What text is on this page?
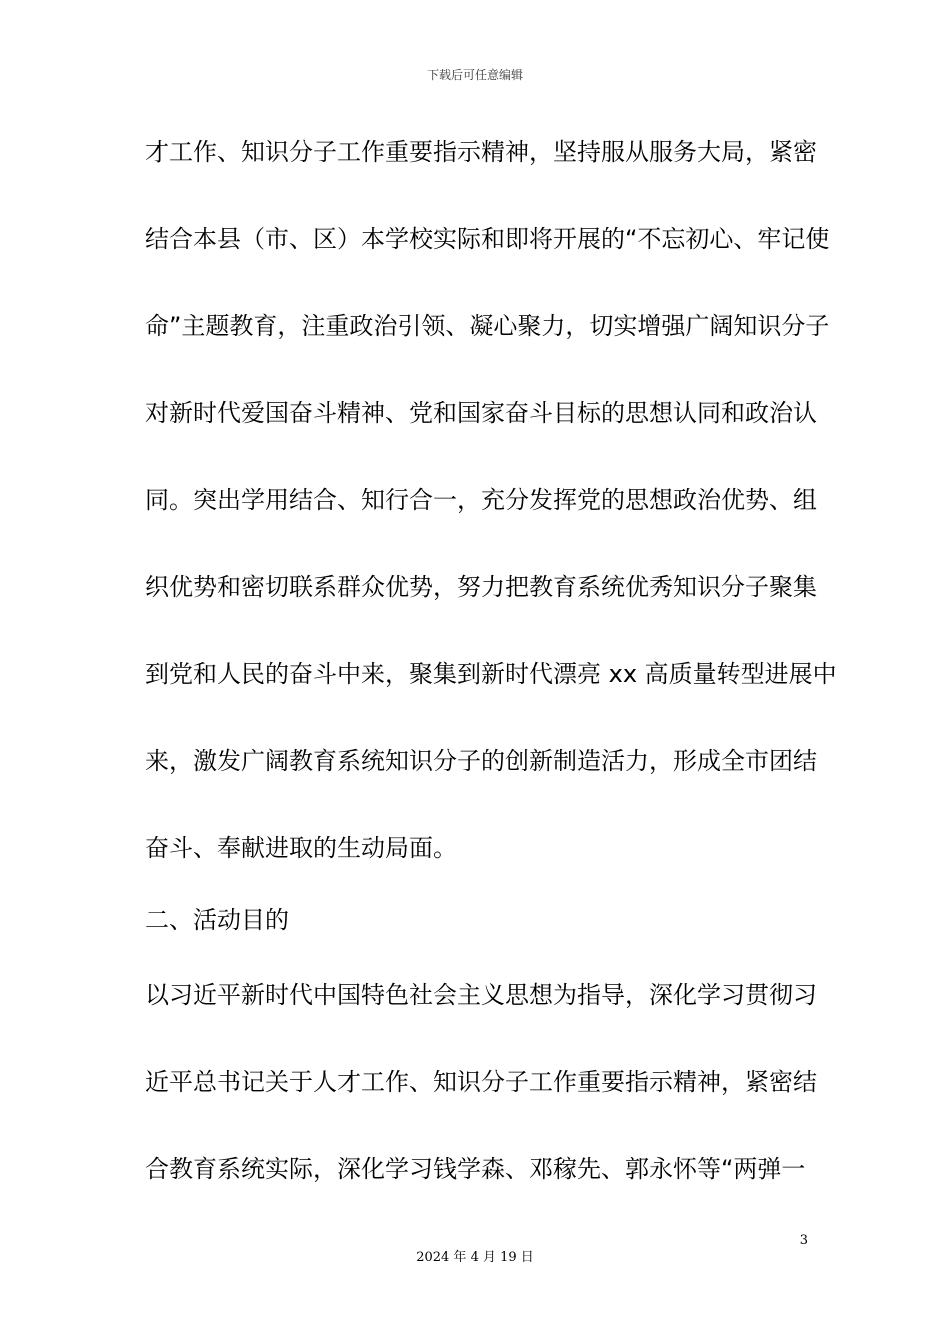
下载后可任意编辑
才工作、知识分子工作重要指示精神，坚持服从服务大局，紧密
结合本县（市、区）本学校实际和即将开展的“不忘初心、牢记使
命”主题教育，注重政治引领、凝心聚力，切实增强广阔知识分子
对新时代爱国奋斗精神、党和国家奋斗目标的思想认同和政治认
同。突出学用结合、知行合一，充分发挥党的思想政治优势、组
织优势和密切联系群众优势，努力把教育系统优秀知识分子聚集
到党和人民的奋斗中来，聚集到新时代漂亮 xx 高质量转型进展中
来，激发广阔教育系统知识分子的创新制造活力，形成全市团结
奋斗、奉献进取的生动局面。
二、活动目的
以习近平新时代中国特色社会主义思想为指导，深化学习贯彻习
近平总书记关于人才工作、知识分子工作重要指示精神，紧密结
合教育系统实际，深化学习钱学森、邓稼先、郭永怀等“两弹一
3
2024 年 4 月 19 日
